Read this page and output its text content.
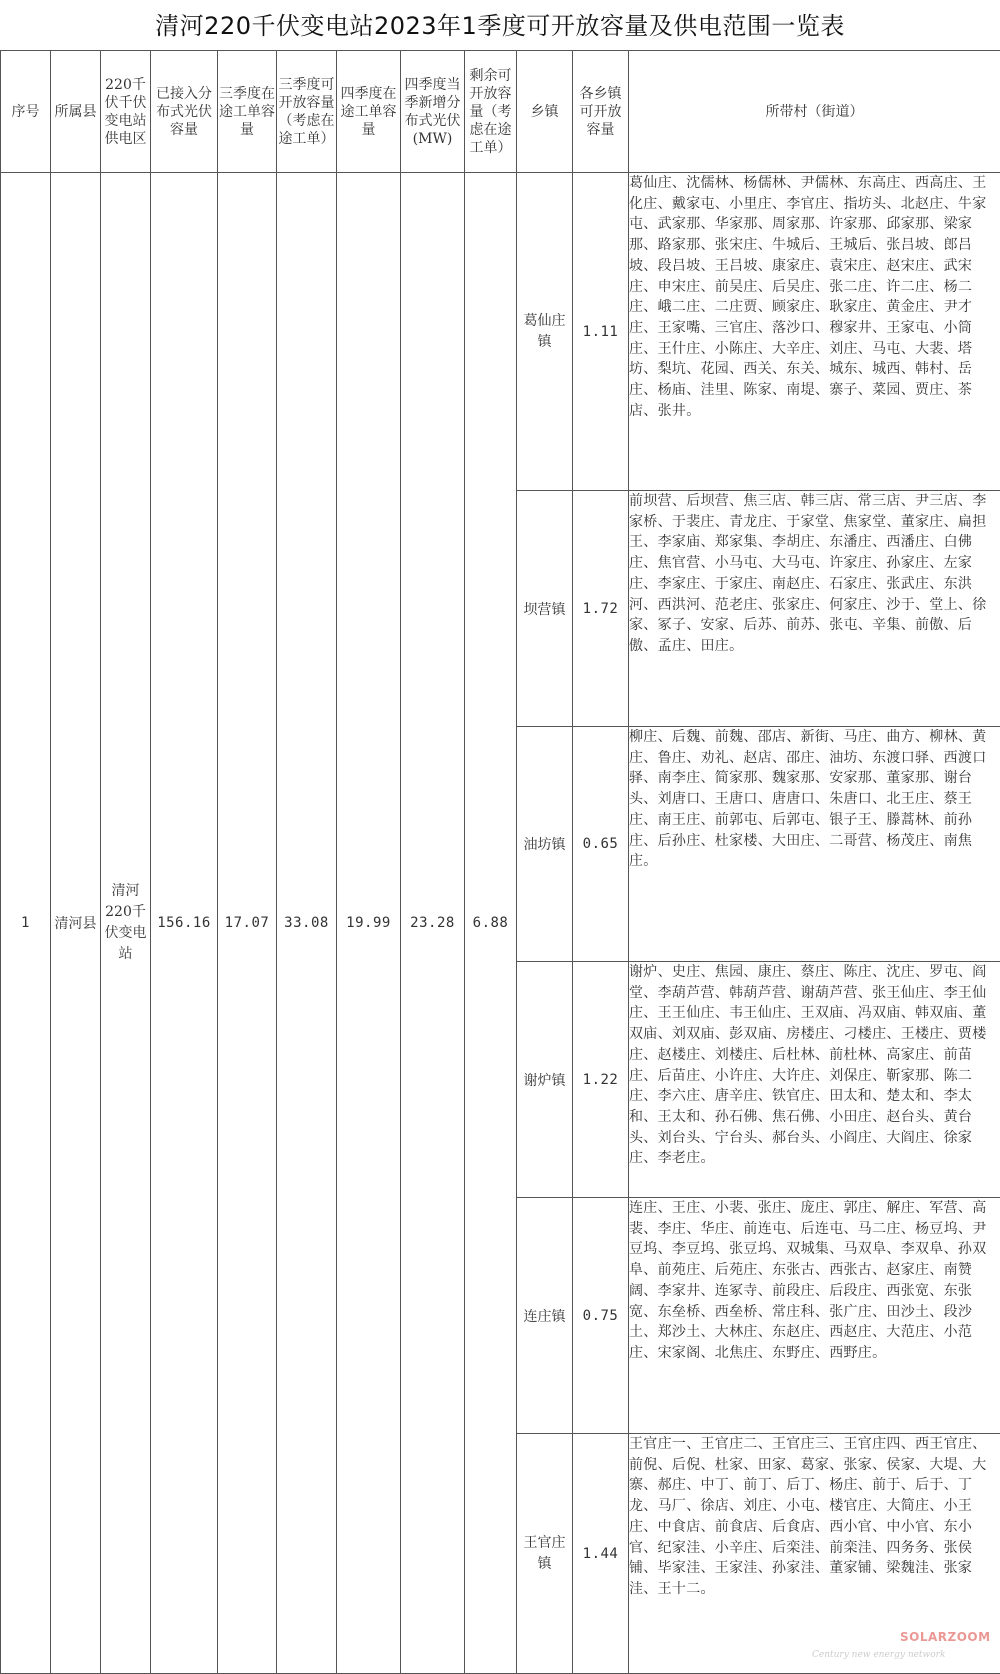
清河220千伏变电站2023年1季度可开放容量及供电范围一览表
序号	所属县	220千伏千伏变电站供电区	已接入分布式光伏容量	三季度在途工单容量	三季度可开放容量（考虑在途工单）	四季度在途工单容量	四季度当季新增分布式光伏(MW)	剩余可开放容量（考虑在途工单）	乡镇	各乡镇可开放容量	所带村（街道）
1	清河县	清河220千伏变电站	156.16	17.07	33.08	19.99	23.28	6.88	葛仙庄镇	1.11	葛仙庄、沈儒林、杨儒林、尹儒林、东高庄、西高庄、王化庄、戴家屯、小里庄、李官庄、指坊头、北赵庄、牛家屯、武家那、华家那、周家那、许家那、邱家那、梁家那、路家那、张宋庄、牛城后、王城后、张吕坡、郎吕坡、段吕坡、王吕坡、康家庄、袁宋庄、赵宋庄、武宋庄、申宋庄、前吴庄、后吴庄、张二庄、许二庄、杨二庄、峨二庄、二庄贾、顾家庄、耿家庄、黄金庄、尹才庄、王家嘴、三官庄、落沙口、穆家井、王家屯、小筒庄、王什庄、小陈庄、大辛庄、刘庄、马屯、大裴、塔坊、梨坑、花园、西关、东关、城东、城西、韩村、岳庄、杨庙、洼里、陈家、南堤、寨子、菜园、贾庄、茶店、张井。

									坝营镇	1.72	前坝营、后坝营、焦三店、韩三店、常三店、尹三店、李家桥、于裴庄、青龙庄、于家堂、焦家堂、董家庄、扁担王、李家庙、郑家集、李胡庄、东潘庄、西潘庄、白佛庄、焦官营、小马屯、大马屯、许家庄、孙家庄、左家庄、李家庄、于家庄、南赵庄、石家庄、张武庄、东洪河、西洪河、范老庄、张家庄、何家庄、沙于、堂上、徐家、冢子、安家、后苏、前苏、张屯、辛集、前傲、后傲、孟庄、田庄。

									油坊镇	0.65	柳庄、后魏、前魏、邵店、新街、马庄、曲方、柳林、黄庄、鲁庄、劝礼、赵店、邵庄、油坊、东渡口驿、西渡口驿、南李庄、简家那、魏家那、安家那、董家那、谢台头、刘唐口、王唐口、唐唐口、朱唐口、北王庄、蔡王庄、南王庄、前郭屯、后郭屯、银子王、滕蒿林、前孙庄、后孙庄、杜家楼、大田庄、二哥营、杨茂庄、南焦庄。

									谢炉镇	1.22	谢炉、史庄、焦园、康庄、蔡庄、陈庄、沈庄、罗屯、阎堂、李葫芦营、韩葫芦营、谢葫芦营、张王仙庄、李王仙庄、王王仙庄、韦王仙庄、王双庙、冯双庙、韩双庙、董双庙、刘双庙、彭双庙、房楼庄、刁楼庄、王楼庄、贾楼庄、赵楼庄、刘楼庄、后杜林、前杜林、高家庄、前苗庄、后苗庄、小许庄、大许庄、刘保庄、靳家那、陈二庄、李六庄、唐辛庄、铁官庄、田太和、楚太和、李太和、王太和、孙石佛、焦石佛、小田庄、赵台头、黄台头、刘台头、宁台头、郝台头、小阎庄、大阎庄、徐家庄、李老庄。

									连庄镇	0.75	连庄、王庄、小裴、张庄、庞庄、郭庄、解庄、军营、高裴、李庄、华庄、前连屯、后连屯、马二庄、杨豆坞、尹豆坞、李豆坞、张豆坞、双城集、马双阜、李双阜、孙双阜、前苑庄、后苑庄、东张古、西张古、赵家庄、南赞阔、李家井、连冢寺、前段庄、后段庄、西张宽、东张宽、东垒桥、西垒桥、常庄科、张广庄、田沙土、段沙土、郑沙土、大林庄、东赵庄、西赵庄、大范庄、小范庄、宋家阁、北焦庄、东野庄、西野庄。

									王官庄镇	1.44	王官庄一、王官庄二、王官庄三、王官庄四、西王官庄、前倪、后倪、杜家、田家、葛家、张家、侯家、大堤、大寨、郝庄、中丁、前丁、后丁、杨庄、前于、后于、丁龙、马厂、徐店、刘庄、小屯、楼官庄、大简庄、小王庄、中食店、前食店、后食店、西小官、中小官、东小官、纪家洼、小辛庄、后栾洼、前栾洼、四务务、张侯铺、毕家洼、王家洼、孙家洼、董家铺、梁魏洼、张家洼、王十二。
SOLARZOOM
Century new energy network
